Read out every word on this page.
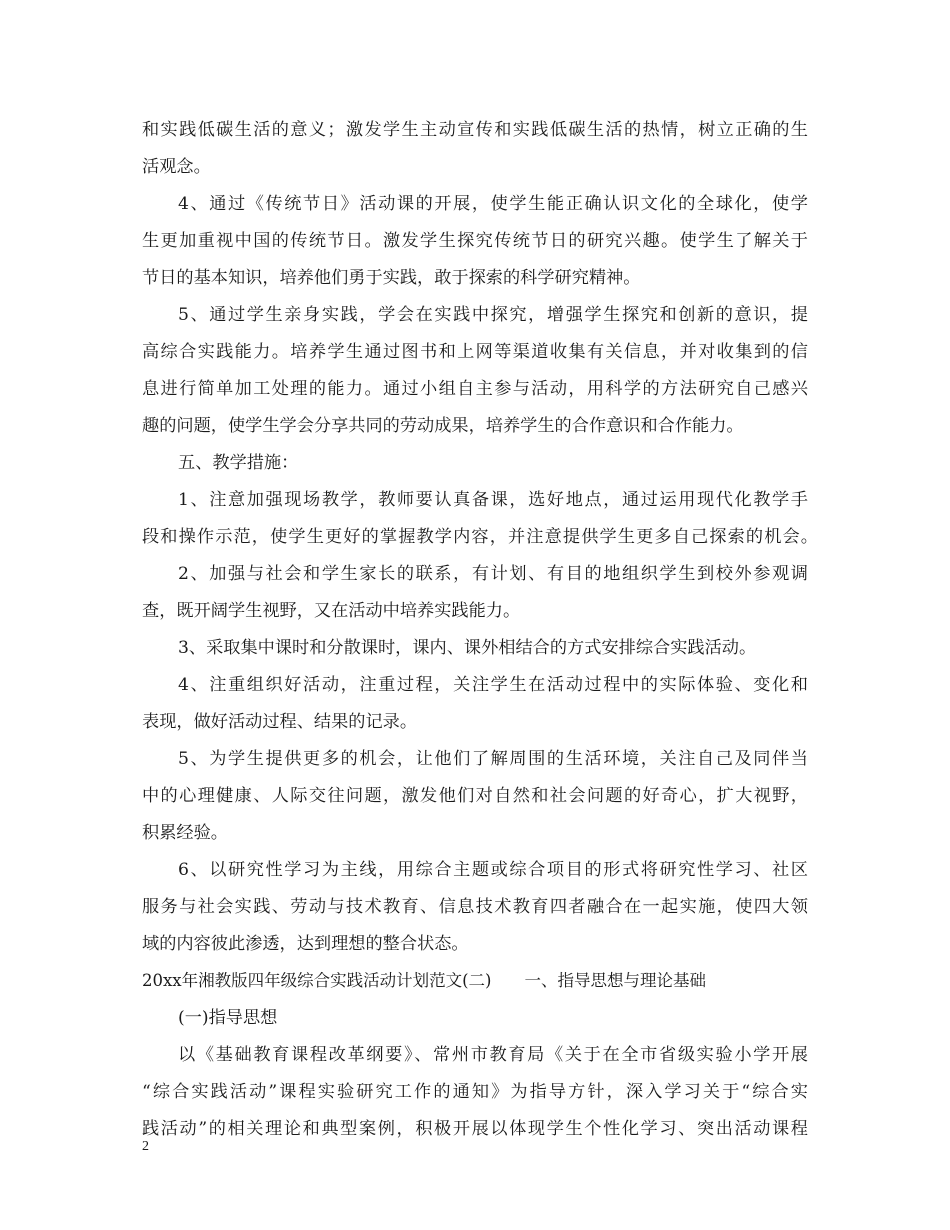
和实践低碳生活的意义；激发学生主动宣传和实践低碳生活的热情，树立正确的生
活观念。
4、通过《传统节日》活动课的开展，使学生能正确认识文化的全球化，使学
生更加重视中国的传统节日。激发学生探究传统节日的研究兴趣。使学生了解关于
节日的基本知识，培养他们勇于实践，敢于探索的科学研究精神。
5、通过学生亲身实践，学会在实践中探究，增强学生探究和创新的意识，提
高综合实践能力。培养学生通过图书和上网等渠道收集有关信息，并对收集到的信
息进行简单加工处理的能力。通过小组自主参与活动，用科学的方法研究自己感兴
趣的问题，使学生学会分享共同的劳动成果，培养学生的合作意识和合作能力。
五、教学措施：
1、注意加强现场教学，教师要认真备课，选好地点，通过运用现代化教学手
段和操作示范，使学生更好的掌握教学内容，并注意提供学生更多自己探索的机会。
2、加强与社会和学生家长的联系，有计划、有目的地组织学生到校外参观调
查，既开阔学生视野，又在活动中培养实践能力。
3、采取集中课时和分散课时，课内、课外相结合的方式安排综合实践活动。
4、注重组织好活动，注重过程，关注学生在活动过程中的实际体验、变化和
表现，做好活动过程、结果的记录。
5、为学生提供更多的机会，让他们了解周围的生活环境，关注自己及同伴当
中的心理健康、人际交往问题，激发他们对自然和社会问题的好奇心，扩大视野，
积累经验。
6、以研究性学习为主线，用综合主题或综合项目的形式将研究性学习、社区
服务与社会实践、劳动与技术教育、信息技术教育四者融合在一起实施，使四大领
域的内容彼此渗透，达到理想的整合状态。
20xx年湘教版四年级综合实践活动计划范文(二)　　一、指导思想与理论基础
(一)指导思想
以《基础教育课程改革纲要》、常州市教育局《关于在全市省级实验小学开展
“综合实践活动”课程实验研究工作的通知》为指导方针，深入学习关于“综合实
践活动”的相关理论和典型案例，积极开展以体现学生个性化学习、突出活动课程
2
